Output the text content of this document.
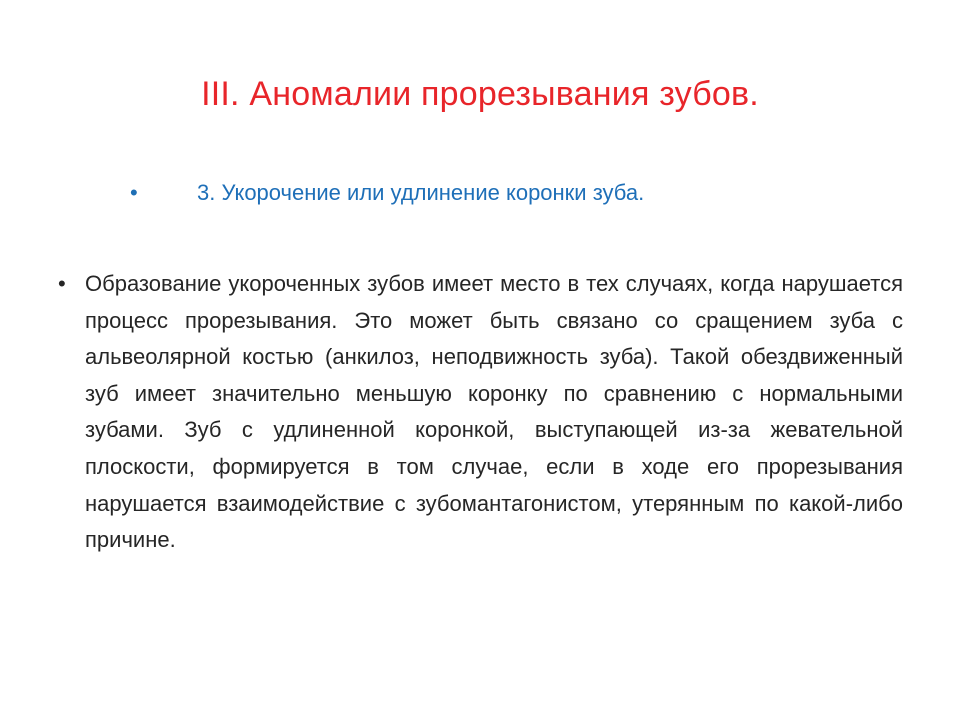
III. Аномалии прорезывания зубов.
•	3. Укорочение или удлинение коронки зуба.
• Образование укороченных зубов имеет место в тех случаях, когда нарушается процесс прорезывания. Это может быть связано со сращением зуба с альвеолярной костью (анкилоз, неподвижность зуба). Такой обездвиженный зуб имеет значительно меньшую коронку по сравнению с нормальными зубами. Зуб с удлиненной коронкой, выступающей из-за жевательной плоскости, формируется в том случае, если в ходе его прорезывания нарушается взаимодействие с зубомантагонистом, утерянным по какой-либо причине.
